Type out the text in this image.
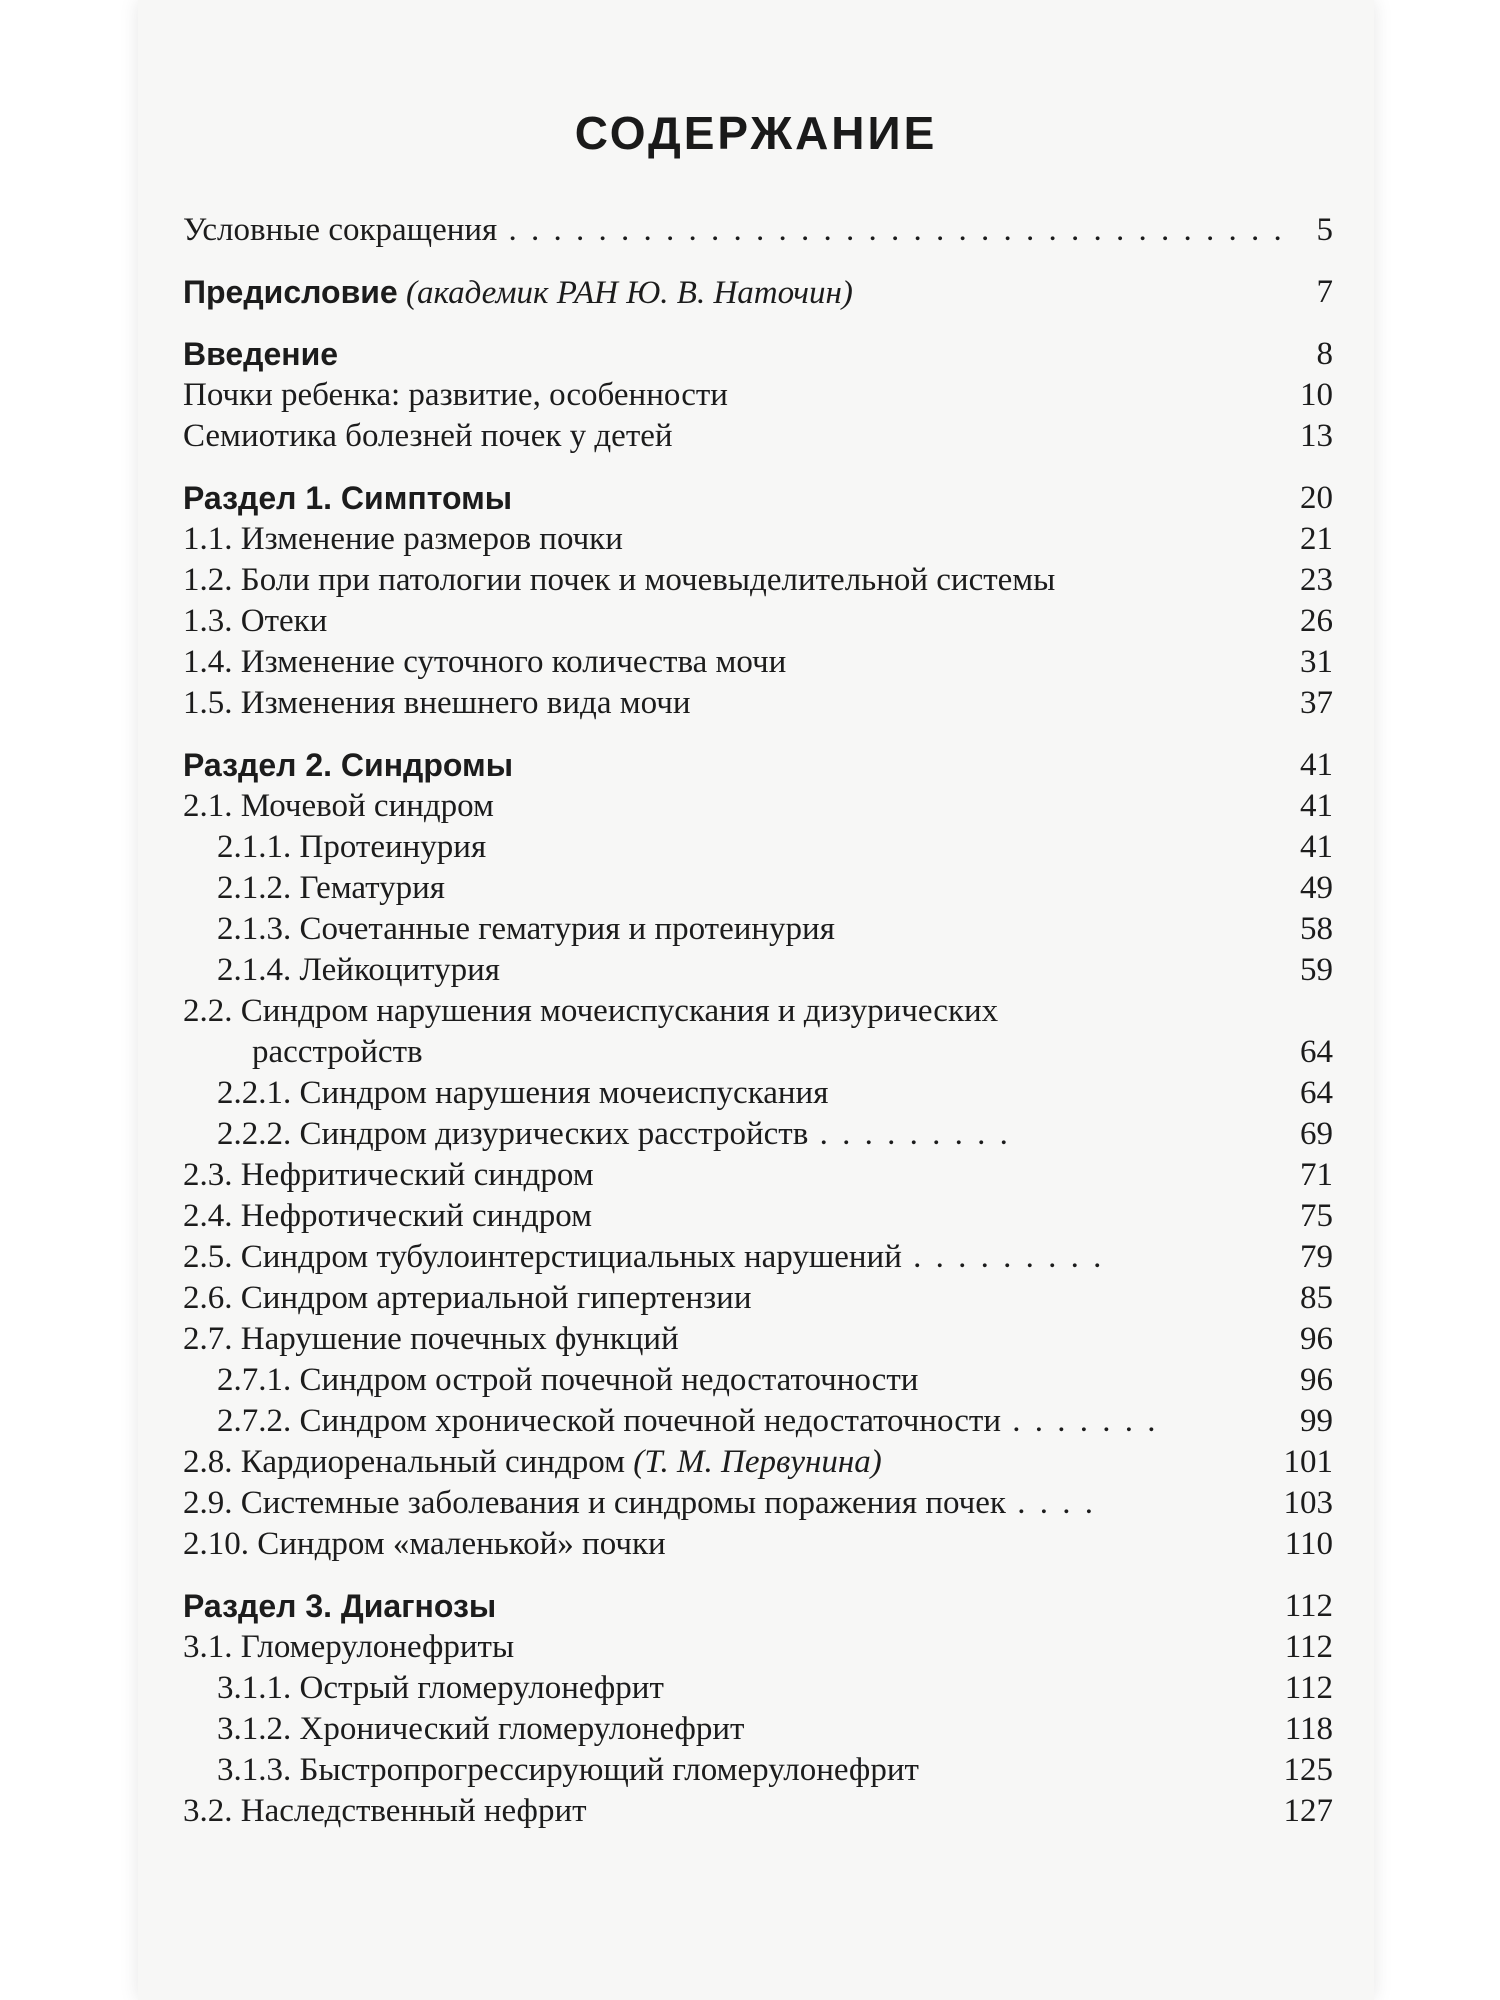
СОДЕРЖАНИЕ
Условные сокращения . . . . . . . . . . . . . . . . . . . . . . . . . . . . . . . . . . . 5
Предисловие (академик РАН Ю. В. Наточин)	7
Введение	8
Почки ребенка: развитие, особенности	10
Семиотика болезней почек у детей	13
Раздел 1. Симптомы	20
1.1. Изменение размеров почки	21
1.2. Боли при патологии почек и мочевыделительной системы	23
1.3. Отеки	26
1.4. Изменение суточного количества мочи	31
1.5. Изменения внешнего вида мочи	37
Раздел 2. Синдромы	41
2.1. Мочевой синдром	41
2.1.1. Протеинурия	41
2.1.2. Гематурия	49
2.1.3. Сочетанные гематурия и протеинурия	58
2.1.4. Лейкоцитурия	59
2.2. Синдром нарушения мочеиспускания и дизурических
расстройств	64
2.2.1. Синдром нарушения мочеиспускания	64
2.2.2. Синдром дизурических расстройств . . . . . . . . .	69
2.3. Нефритический синдром	71
2.4. Нефротический синдром	75
2.5. Синдром тубулоинтерстициальных нарушений . . . . . . . . .	79
2.6. Синдром артериальной гипертензии	85
2.7. Нарушение почечных функций	96
2.7.1. Синдром острой почечной недостаточности	96
2.7.2. Синдром хронической почечной недостаточности . . . . . . .	99
2.8. Кардиоренальный синдром (Т. М. Первунина)	101
2.9. Системные заболевания и синдромы поражения почек . . . .	103
2.10. Синдром «маленькой» почки	110
Раздел 3. Диагнозы	112
3.1. Гломерулонефриты	112
3.1.1. Острый гломерулонефрит	112
3.1.2. Хронический гломерулонефрит	118
3.1.3. Быстропрогрессирующий гломерулонефрит	125
3.2. Наследственный нефрит	127
